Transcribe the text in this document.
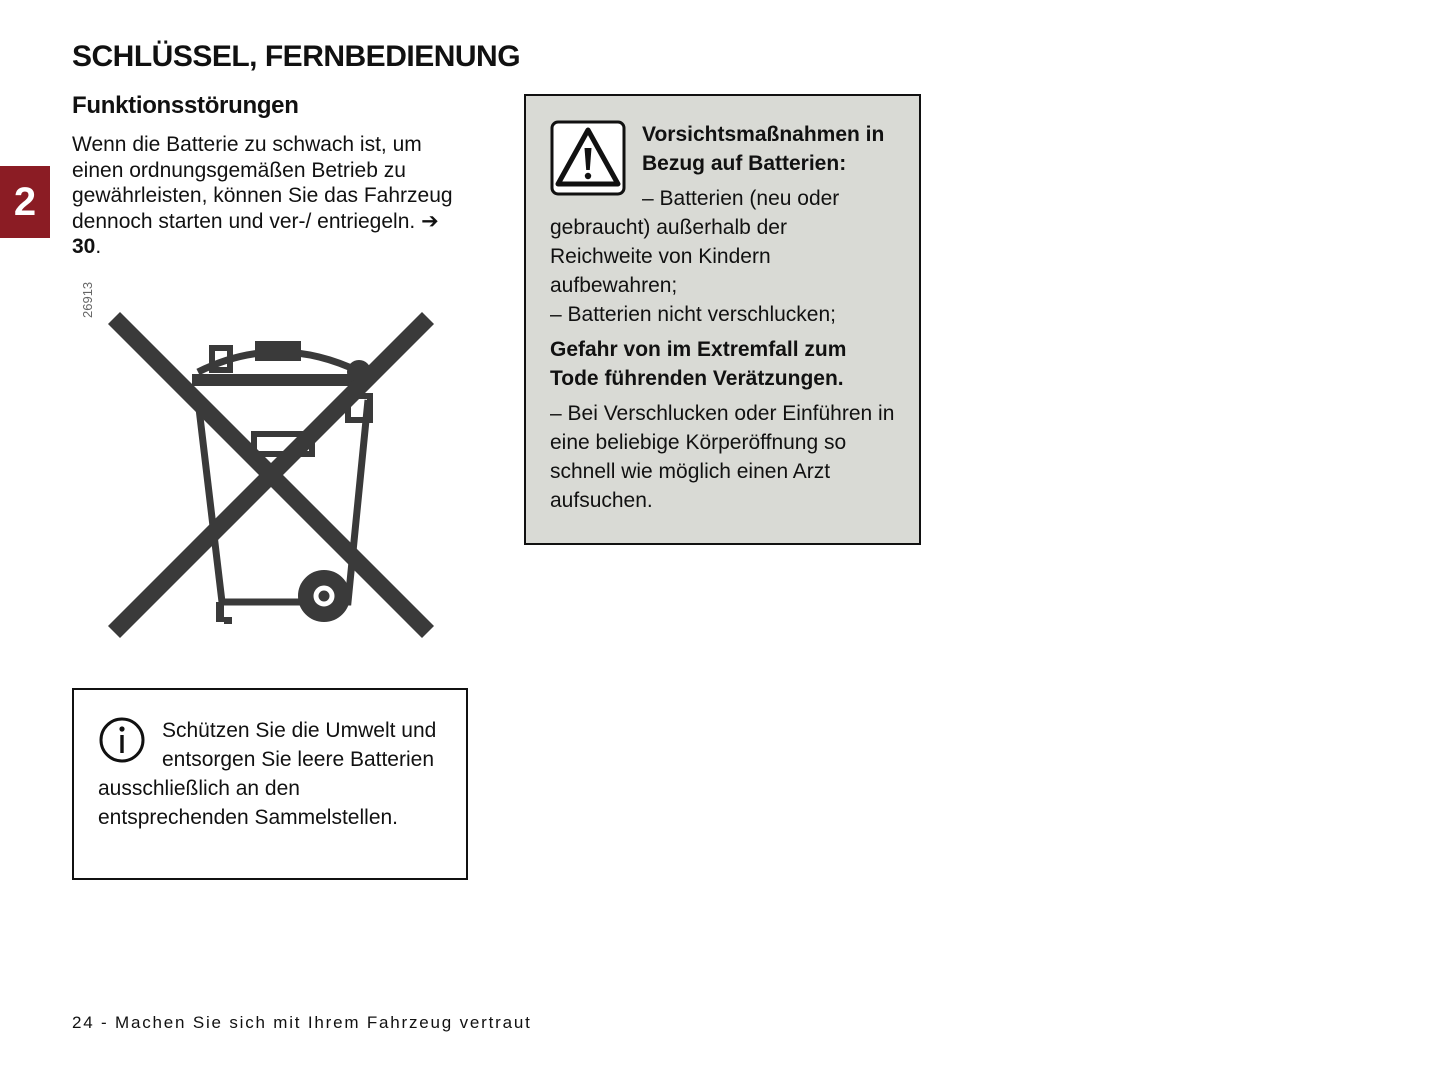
2
SCHLÜSSEL, FERNBEDIENUNG
Funktionsstörungen

Wenn die Batterie zu schwach ist, um einen ordnungsgemäßen Betrieb zu gewährleisten, können Sie das Fahrzeug dennoch starten und ver-/ entriegeln. ➔ 30.

26913
Schützen Sie die Umwelt und entsorgen Sie leere Batterien ausschließlich an den entsprechenden Sammelstellen.
Vorsichtsmaßnahmen in Bezug auf Batterien:
– Batterien (neu oder gebraucht) außerhalb der Reichweite von Kindern aufbewahren;
– Batterien nicht verschlucken;
Gefahr von im Extremfall zum Tode führenden Verätzungen.
– Bei Verschlucken oder Einführen in eine beliebige Körperöffnung so schnell wie möglich einen Arzt aufsuchen.

24 - Machen Sie sich mit Ihrem Fahrzeug vertraut
